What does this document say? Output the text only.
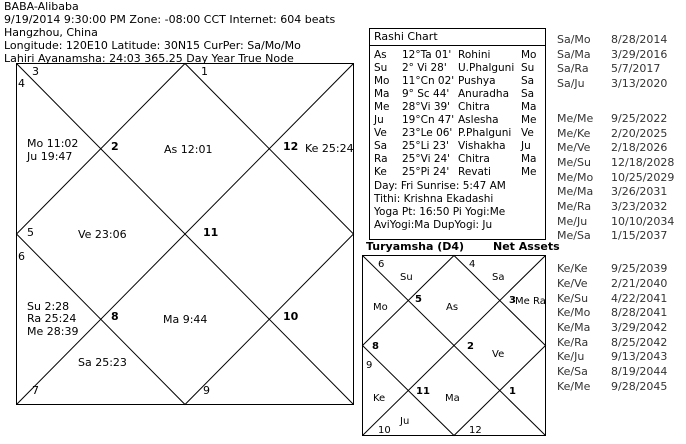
BABA-Alibaba
9/19/2014 9:30:00 PM Zone: -08:00 CCT Internet: 604 beats
Hangzhou, China
Longitude: 120E10 Latitude: 30N15 CurPer: Sa/Mo/Mo
Lahiri Ayanamsha: 24:03 365.25 Day Year True Node
1
2
3
4
5
6
7
8
9
10
11
12
As 12:01
Mo 11:02
Ju 19:47
Ve 23:06
Su 2:28
Ra 25:24
Me 28:39
Sa 25:23
Ma 9:44
Ke 25:24
Rashi Chart
As 12°Ta 01' Rohini	Mo
Su 2° Vi 28' U.Phalguni Su
Mo 11°Cn 02' Pushya Sa
Ma 9° Sc 44' Anuradha Sa
Me 28°Vi 39' Chitra	Ma
Ju 19°Cn 47' Aslesha Me
Ve 23°Le 06' P.Phalguni Ve
Sa 25°Li 23' Vishakha Ju
Ra 25°Vi 24' Chitra	Ma
Ke 25°Pi 24' Revati	Me
Day: Fri Sunrise: 5:47 AM
Tithi: Krishna Ekadashi
Yoga Pt: 16:50 Pi Yogi:Me
AviYogi:Ma DupYogi: Ju
Turyamsha (D4)	Net Assets
6	4
5	3
8	2
9
11	1
10	12
Su	Sa
Mo	As
Me Ra
Ve
Ke	Ma
Ju
Sa/Mo 8/28/2014
Sa/Ma 3/29/2016
Sa/Ra 5/7/2017
Sa/Ju 3/13/2020
Me/Me 9/25/2022
Me/Ke 2/20/2025
Me/Ve 2/18/2026
Me/Su 12/18/2028
Me/Mo 10/25/2029
Me/Ma 3/26/2031
Me/Ra 3/23/2032
Me/Ju 10/10/2034
Me/Sa 1/15/2037
Ke/Ke 9/25/2039
Ke/Ve 2/21/2040
Ke/Su 4/22/2041
Ke/Mo 8/28/2041
Ke/Ma 3/29/2042
Ke/Ra 8/25/2042
Ke/Ju 9/13/2043
Ke/Sa 8/19/2044
Ke/Me 9/28/2045
